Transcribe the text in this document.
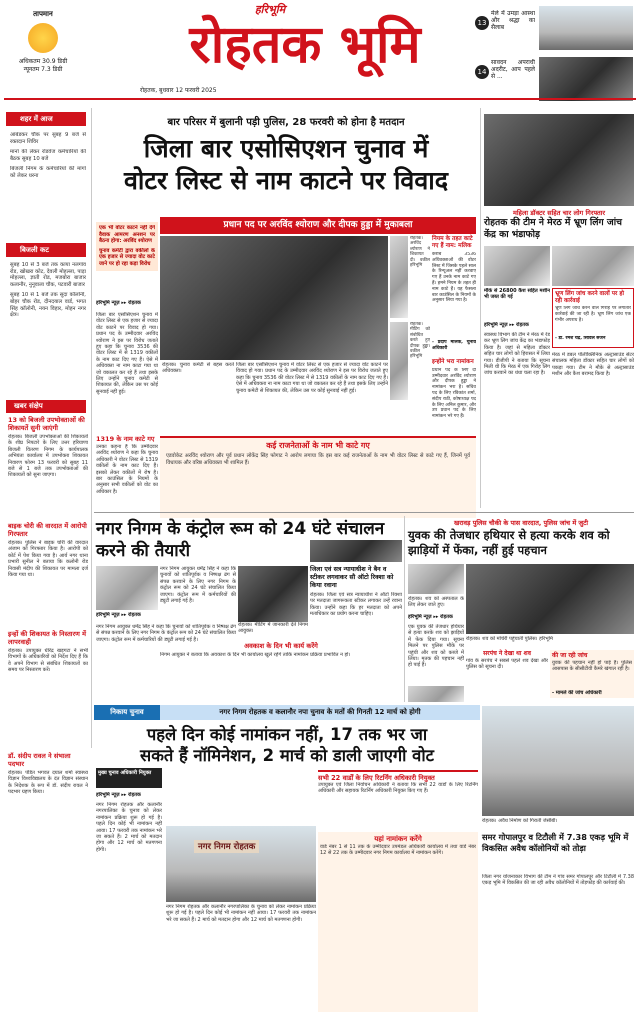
तापमान
अधिकतम 30.9 डिग्री
न्यूनतम 7.3 डिग्री
हरिभूमि
रोहतक भूमि
रोहतक, बुधवार 12 फरवरी 2025
13
मेले में उमड़ा आस्था और श्रद्धा का सैलाब
14
सावदन अपराधी अदरीट, आप पहले से ...
शहर में आज
आंबेडकर चौक पर सुबह 9 बजे से रक्तदान शिविर
मानों की लेकर रोडवेज कर्मचारियों की बैठक सुबह 10 बजे
बिजली निगम के कर्मचारियों की मांगों को लेकर धरना
बिजली कट
सुबह 10 से 3 बजे तक काया नलगांव रोड, खोखरा कोट, देवली मोहल्ला, पाड़ा मोहल्ला, ज्ञाती रोड, मजबोरा बाजार कलानौर, नुनूवाला चौक, पटवारी बाजार
सुबह 10 से 1 बजे तक सुदा कॉलोनी, बोहर चौक रोड, दीनदयाल वार्ड, भगत सिंह कॉलोनी, नयन विहार, मोहन नगर क्षेत्र।
खबर संक्षेप
13 को बिजली उपभोक्ताओं की शिकायतें सुनी जाएंगी
रोहतक। बिजली उपभोक्ताओं की शिकायतों के शीघ्र निपटारे के लिए उत्तर हरियाणा बिजली वितरण निगम के कार्यपालक अभियंता कार्यालय में उपभोक्ता शिकायत निवारण फोरम 13 फरवरी को सुबह 11 बजे से 1 बजे तक उपभोक्ताओं की शिकायतों को सुना जाएगा।
बाइक चोरी की वारदात में आरोपी गिरफ्तार
रोहतक। पुलिस ने बाइक चोरी की वारदात अंजाम को गिरफ्तार किया है। आरोपी को कोर्ट में पेश किया गया है। आर्य नगर थाना प्रभारी सुनील ने बताया कि कलोनी रोड निवासी मंदीप की शिकायत पर मामला दर्ज किया गया था।
इन्हों की शिकायत के निस्तारण में लापरवाही
रोहतक। उपायुक्त धीरेंद्र खड़गटा ने सभी विभागों के अधिकारियों को निर्देश दिए हैं कि वे अपने विभाग से संबंधित शिकायतों का समय पर निस्तारण करें।
डॉ. संदीप रावल ने संभाला पदभार
रोहतक। पंडित भगवत दयाल शर्मा स्वास्थ्य विज्ञान विश्वविद्यालय के दंत विज्ञान संस्थान के निदेशक के रूप में डॉ. संदीप रावल ने पदभार ग्रहण किया।
बार परिसर में बुलानी पड़ी पुलिस, 28 फरवरी को होना है मतदान
जिला बार एसोसिएशन चुनाव में
वोटर लिस्ट से नाम काटने पर विवाद
प्रधान पद पर अरविंद श्योराण और दीपक हुड्डा में मुकाबला
एक भी वोटर काटने नहीं देंगे वैवाक आमरण अनशन पर बैठना होगा: अरविंद श्योराण
चुनाव कमेटी द्वारा वकीलों के एक हजार से ज्यादा वोट काटे जाने पर हो रहा कड़ा विरोध
हरिभूमि न्यूज़ ▸▸ रोहतक
जिला बार एसोसिएशन चुनाव में वोटर लिस्ट से एक हजार से ज्यादा वोट काटने पर विवाद हो गया। प्रधान पद के उम्मीदवार अरविंद श्योराण ने इस पर विरोध जताते हुए कहा कि चुनाव 3536 की वोटर लिस्ट में से 1319 वकीलों के नाम काट दिए गए हैं। ऐसे में अधिवक्ता ना नाम काटा गया था जो वकालत कर रहे हैं तथा इसके लिए उन्होंने चुनाव कमेटी से शिकायत की, लेकिन उस पर कोई सुनवाई नहीं हुई।
1319 के नाम काटे गए
उनका कहना है कि उम्मीदवार अरविंद श्योराण ने कहा कि चुनाव अधिकारी ने वोटर लिस्ट से 1319 वकीलों के नाम काट दिए हैं। इसको लेकर वकीलों में रोष है। बार काउंसिल के नियमों के अनुसार सभी वकीलों को वोट का अधिकार है।
रोहतक। चुनाव कमेटी से बहस करते अधिवक्ता।
जिला बार एसोसिएशन चुनाव में वोटर लिस्ट से एक हजार से ज्यादा वोट काटने पर विवाद हो गया। प्रधान पद के उम्मीदवार अरविंद श्योराण ने इस पर विरोध जताते हुए कहा कि चुनाव 3536 की वोटर लिस्ट में से 1319 वकीलों के नाम काट दिए गए हैं। ऐसे में अधिवक्ता ना नाम काटा गया था जो वकालत कर रहे हैं तथा इसके लिए उन्होंने चुनाव कमेटी से शिकायत की, लेकिन उस पर कोई सुनवाई नहीं हुई।
रोहतक। अरविंद श्योराण ने शिकायत दी। वकील हरिभूमि
रोहतक। मीटिंग को संबोधित करते हुए दीपक हुड्डा। वकील हरिभूमि
नियम के तहत काटे गए हैं नाम: मलिक
करीब 3536 अधिवक्ताओं की वोटर लिस्ट में जिसके पहले साल के रिन्यूअल नहीं करवाए गए हैं उनके नाम काटे गए हैं। हमने नियम के तहत ही नाम काटे हैं। यह फैसला बार काउंसिल के नियमों के अनुसार लिया गया है।
- प्रदीप मलिक, चुनाव अधिकारी
इन्होंने भरा नामांकन
प्रधान पद के लिए दो उम्मीदवार अरविंद श्योराण और दीपक हुड्डा ने नामांकन भरा है। सचिव पद के लिए रविकांत शर्मा, संदीप राठी, कोषाध्यक्ष पद के लिए अनिल कुमार, और उप प्रधान पद के लिए नामांकन भरे गए हैं।
कई राजनेताओं के नाम भी काटे गए
एडवोकेट अरविंद श्योराण और पूर्व प्रधान लोकेंद्र सिंह फोगाट ने आरोप लगाया कि इस बार कई राजनेताओं के नाम भी वोटर लिस्ट से काटे गए हैं, जिनमें पूर्व विधायक और वरिष्ठ अधिवक्ता भी शामिल हैं।
महिला डॉक्टर सहित चार लोग गिरफ्तार
रोहतक की टीम ने मेरठ में भ्रूण लिंग जांच केंद्र का भंडाफोड़
मौके से 26800 कैश सहित मशीन भी जब्त की गई
भ्रूण लिंग जांच करने वालों पर हो रही कार्रवाई
भ्रूण लिंग जांच करने वाले गिरोह पर लगातार कार्रवाई की जा रही है। भ्रूण लिंग जांच एक गंभीर अपराध है।
- डॉ. रमेश चंद्र, सिविल सर्जन
हरिभूमि न्यूज़ ▸▸ रोहतक
स्वास्थ्य विभाग की टीम ने मेरठ में रेड कर भ्रूण लिंग जांच केंद्र का भंडाफोड़ किया है। जहां से महिला डॉक्टर सहित चार लोगों को हिरासत में लिया गया। डीजीपी ने बताया कि सूचना मिली थी कि मेरठ में एक गिरोह लिंग जांच करवाने का धंधा चला रहा है।
मेरठ में डबल पॉलीक्लिनिक अल्ट्रासाउंड सेंटर संचालक महिला डॉक्टर सहित चार लोगों को पकड़ा गया। टीम ने मौके से अल्ट्रासाउंड मशीन और कैश बरामद किया है।
नगर निगम के कंट्रोल रूम को 24 घंटे संचालन करने की तैयारी
हरिभूमि न्यूज़ ▸▸ रोहतक
नगर निगम आयुक्त धर्मेंद्र सिंह ने कहा कि चुनावों को शांतिपूर्वक व निष्पक्ष ढंग से संपन्न करवाने के लिए नगर निगम के कंट्रोल रूम को 24 घंटे संचालित किया जाएगा। कंट्रोल रूम में कर्मचारियों की ड्यूटी लगाई गई है।
रोहतक। मीटिंग में जानकारी देते निगम आयुक्त।
नगर निगम आयुक्त धर्मेंद्र सिंह ने कहा कि चुनावों को शांतिपूर्वक व निष्पक्ष ढंग से संपन्न करवाने के लिए नगर निगम के कंट्रोल रूम को 24 घंटे संचालित किया जाएगा। कंट्रोल रूम में कर्मचारियों की ड्यूटी लगाई गई है।
जिला एवं सत्र न्यायाधीश ने बैन व स्टीकर लगवाकर सौ ऑटो रिक्शा को किया रवाना
रोहतक। जिला एवं सत्र न्यायाधीश ने ऑटो रिक्शा पर मतदाता जागरूकता स्टीकर लगाकर उन्हें रवाना किया। उन्होंने कहा कि हर मतदाता को अपने मताधिकार का प्रयोग करना चाहिए।
अवकाश के दिन भी कार्य करेंगे
निगम आयुक्त ने बताया कि अवकाश के दिन भी कार्यालय खुले रहेंगे ताकि नामांकन प्रक्रिया प्रभावित न हो।
खरावड़ पुलिस चौकी के पास वारदात, पुलिस जांच में जुटी
युवक की तेजधार हथियार से हत्या करके शव को झाड़ियों में फेंका, नहीं हुई पहचान
रोहतक। शव को अस्पताल के लिए लेकर जाते हुए।
हरिभूमि न्यूज़ ▸▸ रोहतक
एक युवक की तेजधार हथियार से हत्या करके शव को झाड़ियों में फेंक दिया गया। सूचना मिलने पर पुलिस मौके पर पहुंची और शव को कब्जे में लिया। मृतक की पहचान नहीं हो पाई है।
रोहतक। शव को मोर्चरी पहुंचाती पुलिस। हरिभूमि
सरपंच ने देखा था शव
गांव के सरपंच ने सबसे पहले शव देखा और पुलिस को सूचना दी।
की जा रही जांच
युवक की पहचान नहीं हो पाई है। पुलिस आसपास के सीसीटीवी कैमरे खंगाल रही है।
- मामले की जांच अधिकारी
निकाय चुनाव	नगर निगम रोहतक व कलानौर नपा चुनाव के मतों की गिनती 12 मार्च को होगी
पहले दिन कोई नामांकन नहीं, 17 तक भर जा
सकते हैं नॉमिनेशन, 2 मार्च को डाली जाएगी वोट
मुख्य चुनाव अधिकारी नियुक्त
हरिभूमि न्यूज़ ▸▸ रोहतक
नगर निगम रोहतक और कलानौर नगरपालिका के चुनाव को लेकर नामांकन प्रक्रिया शुरू हो गई है। पहले दिन कोई भी नामांकन नहीं आया। 17 फरवरी तक नामांकन भरे जा सकते हैं। 2 मार्च को मतदान होगा और 12 मार्च को मतगणना होगी।	नगर निगम रोहतक
नगर निगम रोहतक और कलानौर नगरपालिका के चुनाव को लेकर नामांकन प्रक्रिया शुरू हो गई है। पहले दिन कोई भी नामांकन नहीं आया। 17 फरवरी तक नामांकन भरे जा सकते हैं। 2 मार्च को मतदान होगा और 12 मार्च को मतगणना होगी।
सभी 22 वार्डों के लिए रिटर्निंग अधिकारी नियुक्त
उपायुक्त एवं जिला निर्वाचन अधिकारी ने बताया कि सभी 22 वार्डों के लिए रिटर्निंग अधिकारी और सहायक रिटर्निंग अधिकारी नियुक्त किए गए हैं।
यहां नामांकन करेंगे
वार्ड नंबर 1 से 11 तक के उम्मीदवार उपमंडल अधिकारी कार्यालय में तथा वार्ड नंबर 12 से 22 तक के उम्मीदवार नगर निगम कार्यालय में नामांकन करेंगे।
रोहतक। अवैध निर्माण को गिराती जेसीबी।
समर गोपालपुर व टिटौली में 7.38 एकड़ भूमि में विकसित अवैध कॉलोनियों को तोड़ा
जिला नगर योजनाकार विभाग की टीम ने गांव समर गोपालपुर और टिटौली में 7.38 एकड़ भूमि में विकसित की जा रही अवैध कॉलोनियों में तोड़फोड़ की कार्रवाई की।
